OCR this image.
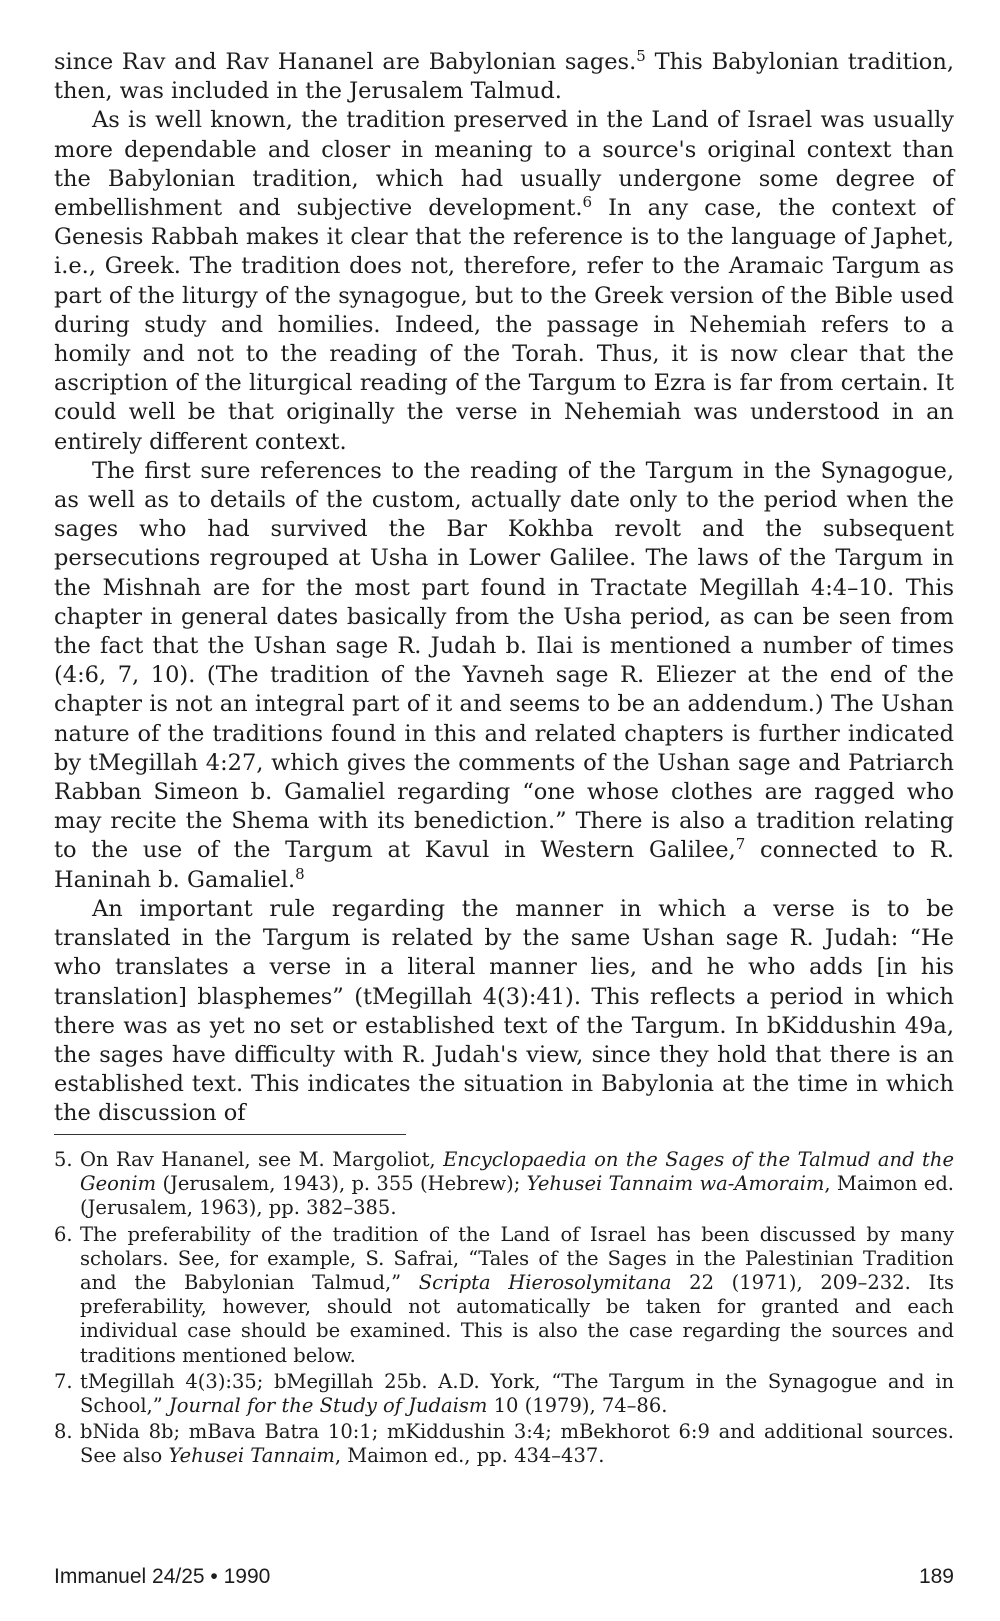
since Rav and Rav Hananel are Babylonian sages.$^5$ This Babylonian tradition, then, was included in the Jerusalem Talmud.

As is well known, the tradition preserved in the Land of Israel was usually more dependable and closer in meaning to a source's original context than the Babylonian tradition, which had usually undergone some degree of embellishment and subjective development.$^6$ In any case, the context of Genesis Rabbah makes it clear that the reference is to the language of Japhet, i.e., Greek. The tradition does not, therefore, refer to the Aramaic Targum as part of the liturgy of the synagogue, but to the Greek version of the Bible used during study and homilies. Indeed, the passage in Nehemiah refers to a homily and not to the reading of the Torah. Thus, it is now clear that the ascription of the liturgical reading of the Targum to Ezra is far from certain. It could well be that originally the verse in Nehemiah was understood in an entirely different context.

The first sure references to the reading of the Targum in the Synagogue, as well as to details of the custom, actually date only to the period when the sages who had survived the Bar Kokhba revolt and the subsequent persecutions regrouped at Usha in Lower Galilee. The laws of the Targum in the Mishnah are for the most part found in Tractate Megillah 4:4–10. This chapter in general dates basically from the Usha period, as can be seen from the fact that the Ushan sage R. Judah b. Ilai is mentioned a number of times (4:6, 7, 10). (The tradition of the Yavneh sage R. Eliezer at the end of the chapter is not an integral part of it and seems to be an addendum.) The Ushan nature of the traditions found in this and related chapters is further indicated by tMegillah 4:27, which gives the comments of the Ushan sage and Patriarch Rabban Simeon b. Gamaliel regarding “one whose clothes are ragged who may recite the Shema with its benediction.” There is also a tradition relating to the use of the Targum at Kavul in Western Galilee,$^7$ connected to R. Haninah b. Gamaliel.$^8$

An important rule regarding the manner in which a verse is to be translated in the Targum is related by the same Ushan sage R. Judah: “He who translates a verse in a literal manner lies, and he who adds [in his translation] blasphemes” (tMegillah 4(3):41). This reflects a period in which there was as yet no set or established text of the Targum. In bKiddushin 49a, the sages have difficulty with R. Judah's view, since they hold that there is an established text. This indicates the situation in Babylonia at the time in which the discussion of

5. On Rav Hananel, see M. Margoliot, Encyclopaedia on the Sages of the Talmud and the Geonim (Jerusalem, 1943), p. 355 (Hebrew); Yehusei Tannaim wa-Amoraim, Maimon ed. (Jerusalem, 1963), pp. 382–385.
6. The preferability of the tradition of the Land of Israel has been discussed by many scholars. See, for example, S. Safrai, “Tales of the Sages in the Palestinian Tradition and the Babylonian Talmud,” Scripta Hierosolymitana 22 (1971), 209–232. Its preferability, however, should not automatically be taken for granted and each individual case should be examined. This is also the case regarding the sources and traditions mentioned below.
7. tMegillah 4(3):35; bMegillah 25b. A.D. York, “The Targum in the Synagogue and in School,” Journal for the Study of Judaism 10 (1979), 74–86.
8. bNida 8b; mBava Batra 10:1; mKiddushin 3:4; mBekhorot 6:9 and additional sources. See also Yehusei Tannaim, Maimon ed., pp. 434–437.
Immanuel 24/25 • 1990	189
